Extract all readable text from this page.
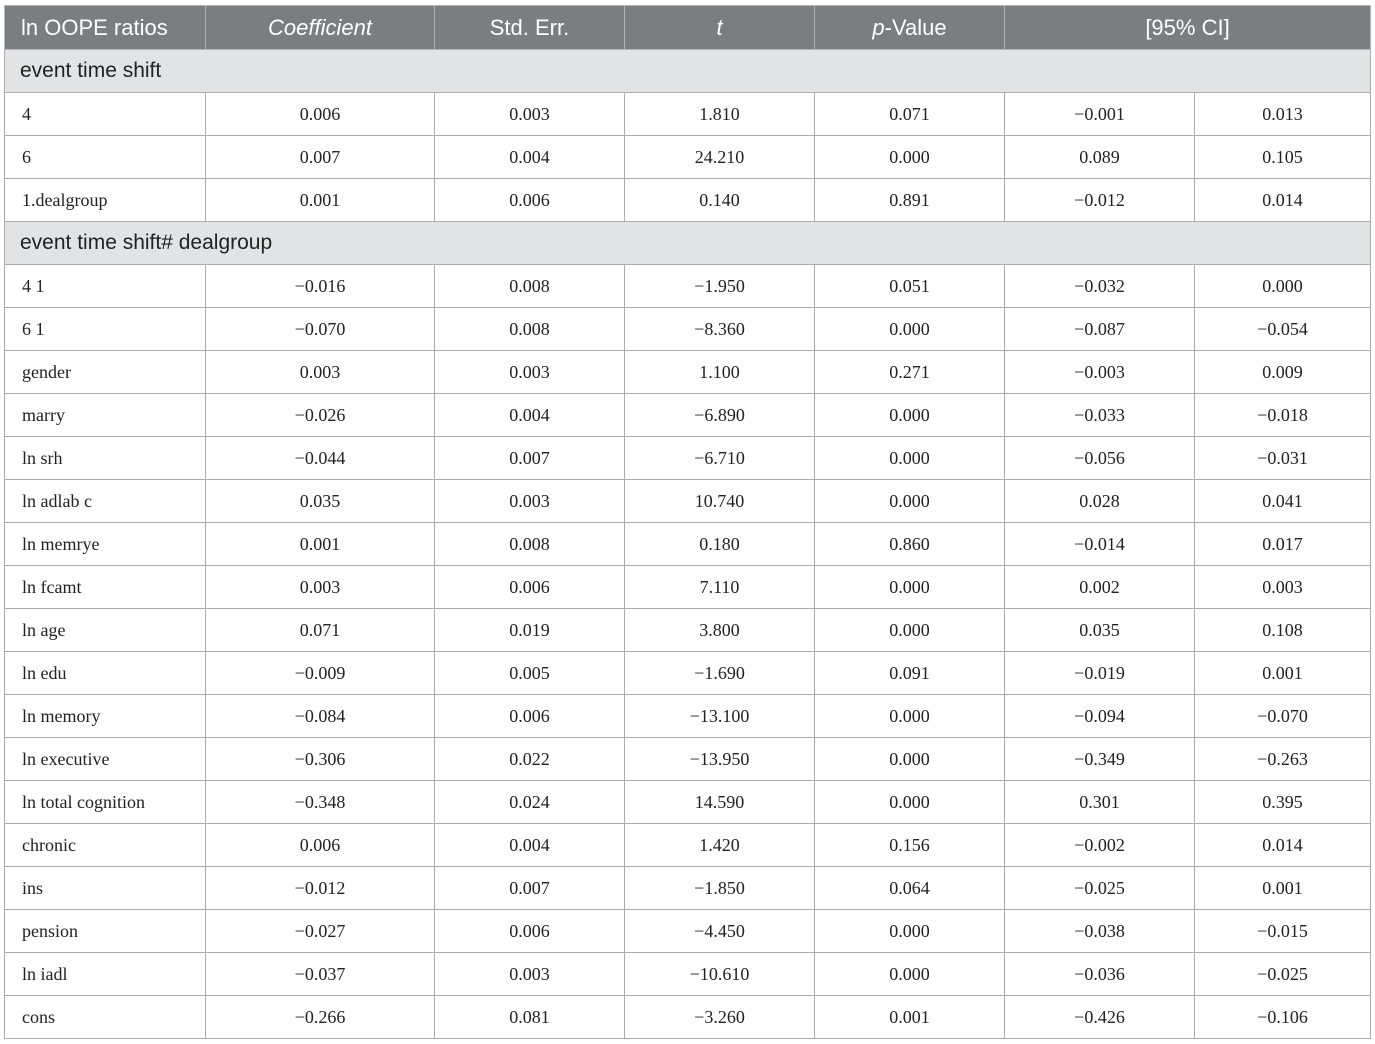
ln OOPE ratios	Coefficient	Std. Err.	t	p-Value	[95% CI]	
event time shift						
4	0.006	0.003	1.810	0.071	−0.001	0.013
6	0.007	0.004	24.210	0.000	0.089	0.105
1.dealgroup	0.001	0.006	0.140	0.891	−0.012	0.014
event time shift# dealgroup						
4 1	−0.016	0.008	−1.950	0.051	−0.032	0.000
6 1	−0.070	0.008	−8.360	0.000	−0.087	−0.054
gender	0.003	0.003	1.100	0.271	−0.003	0.009
marry	−0.026	0.004	−6.890	0.000	−0.033	−0.018
ln srh	−0.044	0.007	−6.710	0.000	−0.056	−0.031
ln adlab c	0.035	0.003	10.740	0.000	0.028	0.041
ln memrye	0.001	0.008	0.180	0.860	−0.014	0.017
ln fcamt	0.003	0.006	7.110	0.000	0.002	0.003
ln age	0.071	0.019	3.800	0.000	0.035	0.108
ln edu	−0.009	0.005	−1.690	0.091	−0.019	0.001
ln memory	−0.084	0.006	−13.100	0.000	−0.094	−0.070
ln executive	−0.306	0.022	−13.950	0.000	−0.349	−0.263
ln total cognition	−0.348	0.024	14.590	0.000	0.301	0.395
chronic	0.006	0.004	1.420	0.156	−0.002	0.014
ins	−0.012	0.007	−1.850	0.064	−0.025	0.001
pension	−0.027	0.006	−4.450	0.000	−0.038	−0.015
ln iadl	−0.037	0.003	−10.610	0.000	−0.036	−0.025
cons	−0.266	0.081	−3.260	0.001	−0.426	−0.106
